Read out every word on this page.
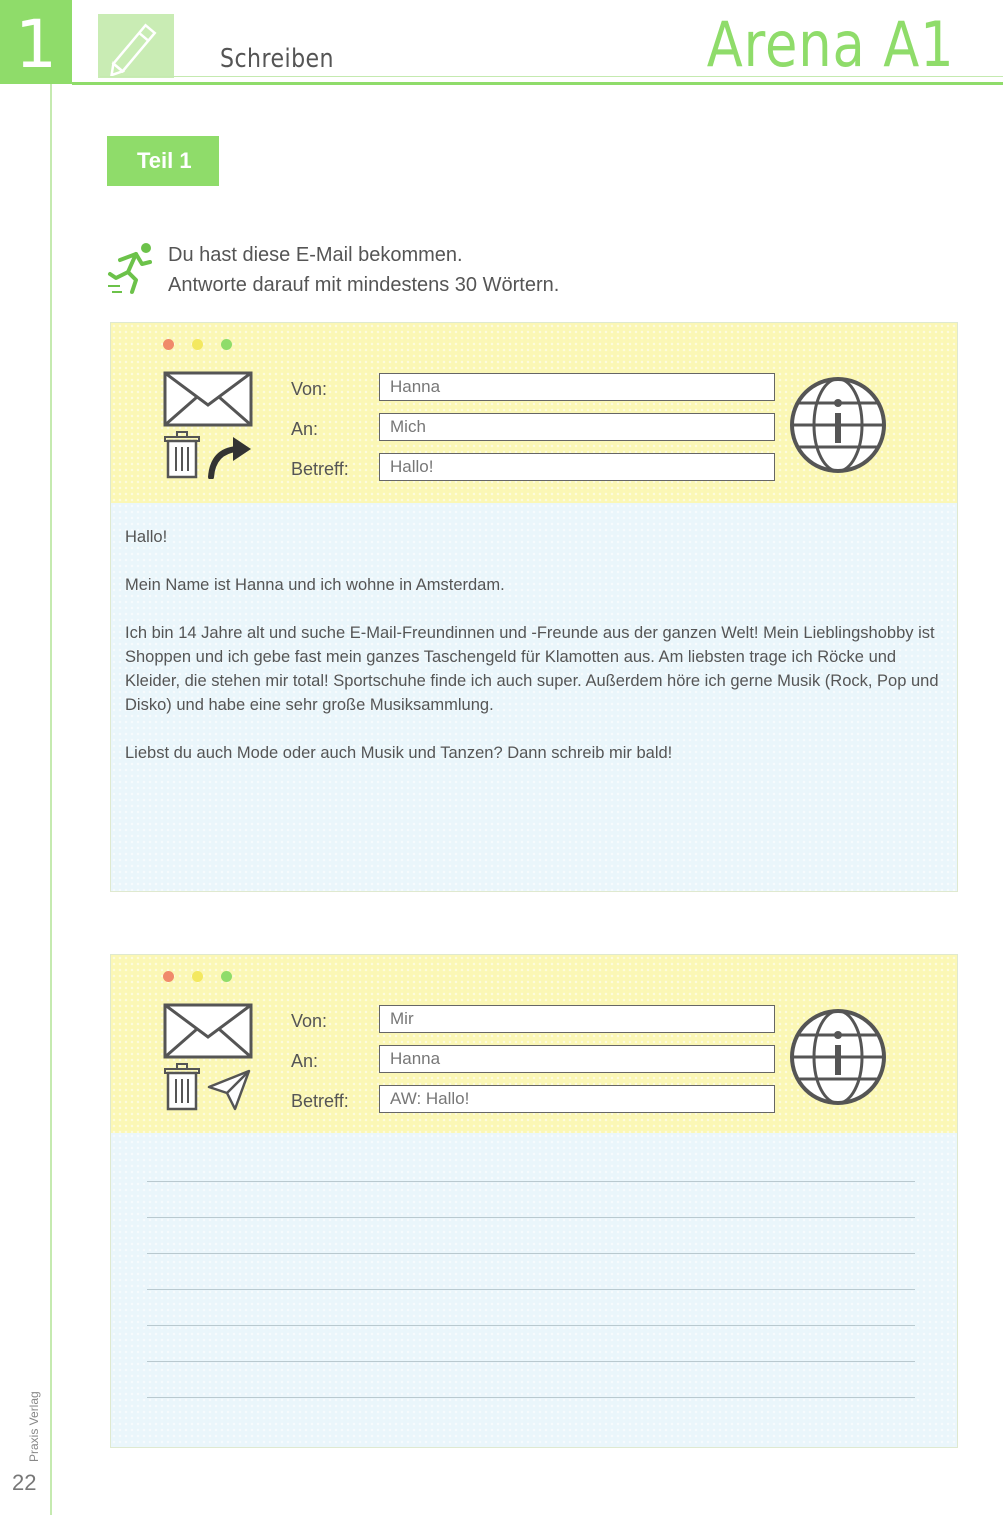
1	Schreiben	Arena A1
Teil 1
Du hast diese E-Mail bekommen.
Antworte darauf mit mindestens 30 Wörtern.
Von:
An:
Betreff:
Hanna
Mich
Hallo!

Hallo!

Mein Name ist Hanna und ich wohne in Amsterdam.

Ich bin 14 Jahre alt und suche E-Mail-Freundinnen und -Freunde aus der ganzen Welt! Mein Lieblingshobby ist Shoppen und ich gebe fast mein ganzes Taschengeld für Klamotten aus. Am liebsten trage ich Röcke und Kleider, die stehen mir total! Sportschuhe finde ich auch super. Außerdem höre ich gerne Musik (Rock, Pop und Disko) und habe eine sehr große Musiksammlung.

Liebst du auch Mode oder auch Musik und Tanzen? Dann schreib mir bald!

Von:
An:
Betreff:
Mir
Hanna
AW: Hallo!
Praxis Verlag
22
